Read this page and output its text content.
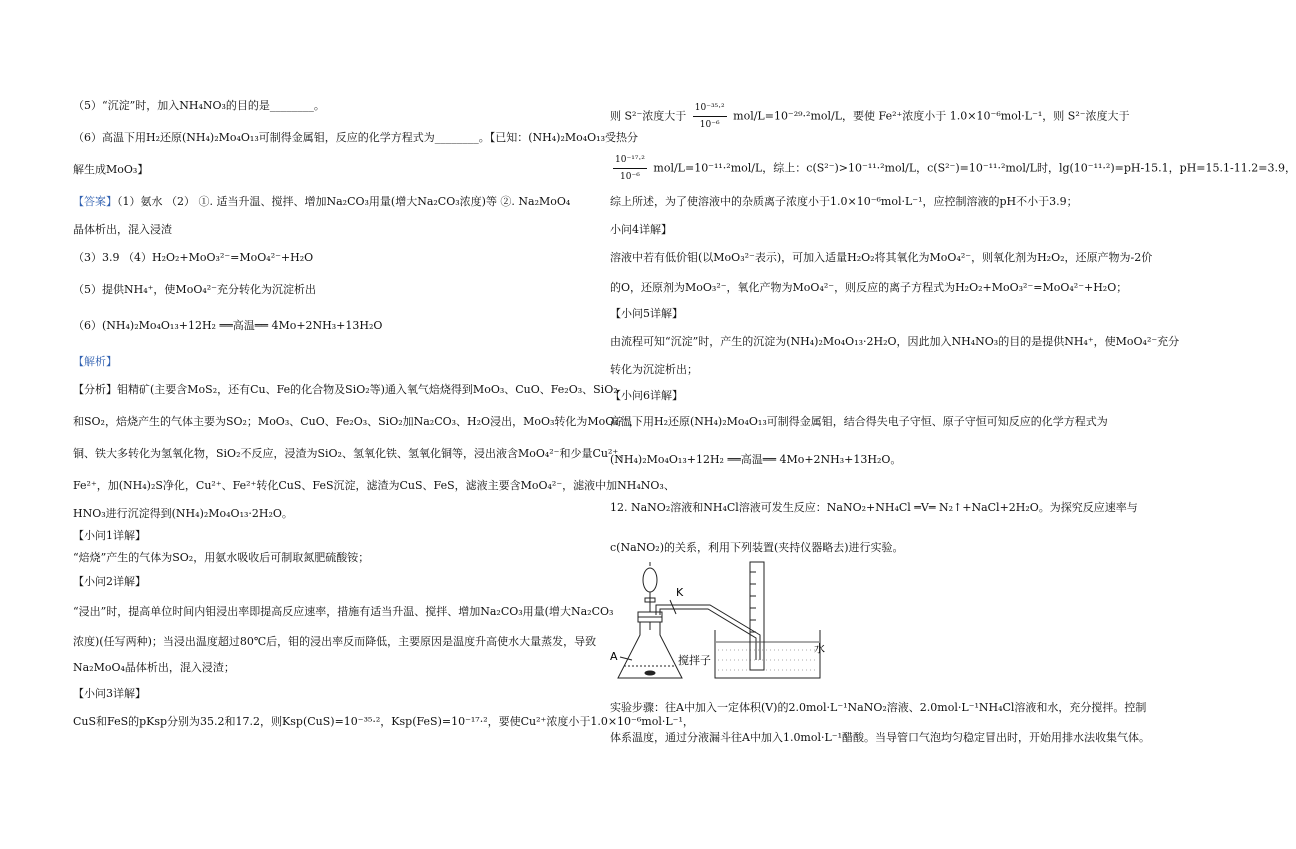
（5）“沉淀”时，加入NH₄NO₃的目的是________。
（6）高温下用H₂还原(NH₄)₂Mo₄O₁₃可制得金属钼，反应的化学方程式为________。【已知：(NH₄)₂Mo₄O₁₃受热分
解生成MoO₃】
【答案】（1）氨水 （2） ①. 适当升温、搅拌、增加Na₂CO₃用量(增大Na₂CO₃浓度)等 ②. Na₂MoO₄
晶体析出，混入浸渣
（3）3.9 （4）H₂O₂+MoO₃²⁻=MoO₄²⁻+H₂O
（5）提供NH₄⁺，使MoO₄²⁻充分转化为沉淀析出
（6）(NH₄)₂Mo₄O₁₃+12H₂ ══高温══ 4Mo+2NH₃+13H₂O
【解析】
【分析】钼精矿(主要含MoS₂，还有Cu、Fe的化合物及SiO₂等)通入氧气焙烧得到MoO₃、CuO、Fe₂O₃、SiO₂
和SO₂，焙烧产生的气体主要为SO₂；MoO₃、CuO、Fe₂O₃、SiO₂加Na₂CO₃、H₂O浸出，MoO₃转化为MoO₄²⁻，
铜、铁大多转化为氢氧化物，SiO₂不反应，浸渣为SiO₂、氢氧化铁、氢氧化铜等，浸出液含MoO₄²⁻和少量Cu²⁺、
Fe²⁺，加(NH₄)₂S净化，Cu²⁺、Fe²⁺转化CuS、FeS沉淀，滤渣为CuS、FeS，滤液主要含MoO₄²⁻，滤液中加NH₄NO₃、
HNO₃进行沉淀得到(NH₄)₂Mo₄O₁₃·2H₂O。
【小问1详解】
“焙烧”产生的气体为SO₂，用氨水吸收后可制取氮肥硫酸铵；
【小问2详解】
“浸出”时，提高单位时间内钼浸出率即提高反应速率，措施有适当升温、搅拌、增加Na₂CO₃用量(增大Na₂CO₃
浓度)(任写两种)；当浸出温度超过80℃后，钼的浸出率反而降低，主要原因是温度升高使水大量蒸发，导致
Na₂MoO₄晶体析出，混入浸渣；
【小问3详解】
CuS和FeS的pKsp分别为35.2和17.2，则Ksp(CuS)=10⁻³⁵·²，Ksp(FeS)=10⁻¹⁷·²，要使Cu²⁺浓度小于1.0×10⁻⁶mol·L⁻¹，
则 S²⁻浓度大于 $\frac{\text{10⁻³⁵·²}}{\text{10⁻⁶}} mol/L=10^{-29}\cdot^2mol/L$，要使 Fe²⁺浓度小于 1.0×10⁻⁶mol·L⁻¹，则 S²⁻浓度大于
$\frac{\text{10⁻¹⁷·²}}{\text{10⁻⁶}} mol/L=10^{-11}\cdot^2mol/L$，综上：c(S²⁻)>10⁻¹¹·²mol/L，c(S²⁻)=10⁻¹¹·²mol/L时，lg(10⁻¹¹·²)=pH-15.1，pH=15.1-11.2=3.9，
综上所述，为了使溶液中的杂质离子浓度小于1.0×10⁻⁶mol·L⁻¹，应控制溶液的pH不小于3.9；
小问4详解】
溶液中若有低价钼(以MoO₃²⁻表示)，可加入适量H₂O₂将其氧化为MoO₄²⁻，则氧化剂为H₂O₂，还原产物为-2价
的O，还原剂为MoO₃²⁻，氧化产物为MoO₄²⁻，则反应的离子方程式为H₂O₂+MoO₃²⁻=MoO₄²⁻+H₂O；
【小问5详解】
由流程可知“沉淀”时，产生的沉淀为(NH₄)₂Mo₄O₁₃·2H₂O，因此加入NH₄NO₃的目的是提供NH₄⁺，使MoO₄²⁻充分
转化为沉淀析出；
【小问6详解】
高温下用H₂还原(NH₄)₂Mo₄O₁₃可制得金属钼，结合得失电子守恒、原子守恒可知反应的化学方程式为
(NH₄)₂Mo₄O₁₃+12H₂ ══高温══ 4Mo+2NH₃+13H₂O。
12. NaNO₂溶液和NH₄Cl溶液可发生反应：NaNO₂+NH₄Cl ═V═ N₂↑+NaCl+2H₂O。为探究反应速率与
c(NaNO₂)的关系，利用下列装置(夹持仪器略去)进行实验。
实验步骤：往A中加入一定体积(V)的2.0mol·L⁻¹NaNO₂溶液、2.0mol·L⁻¹NH₄Cl溶液和水，充分搅拌。控制
体系温度，通过分液漏斗往A中加入1.0mol·L⁻¹醋酸。当导管口气泡均匀稳定冒出时，开始用排水法收集气体。
K
A	搅拌子
水
